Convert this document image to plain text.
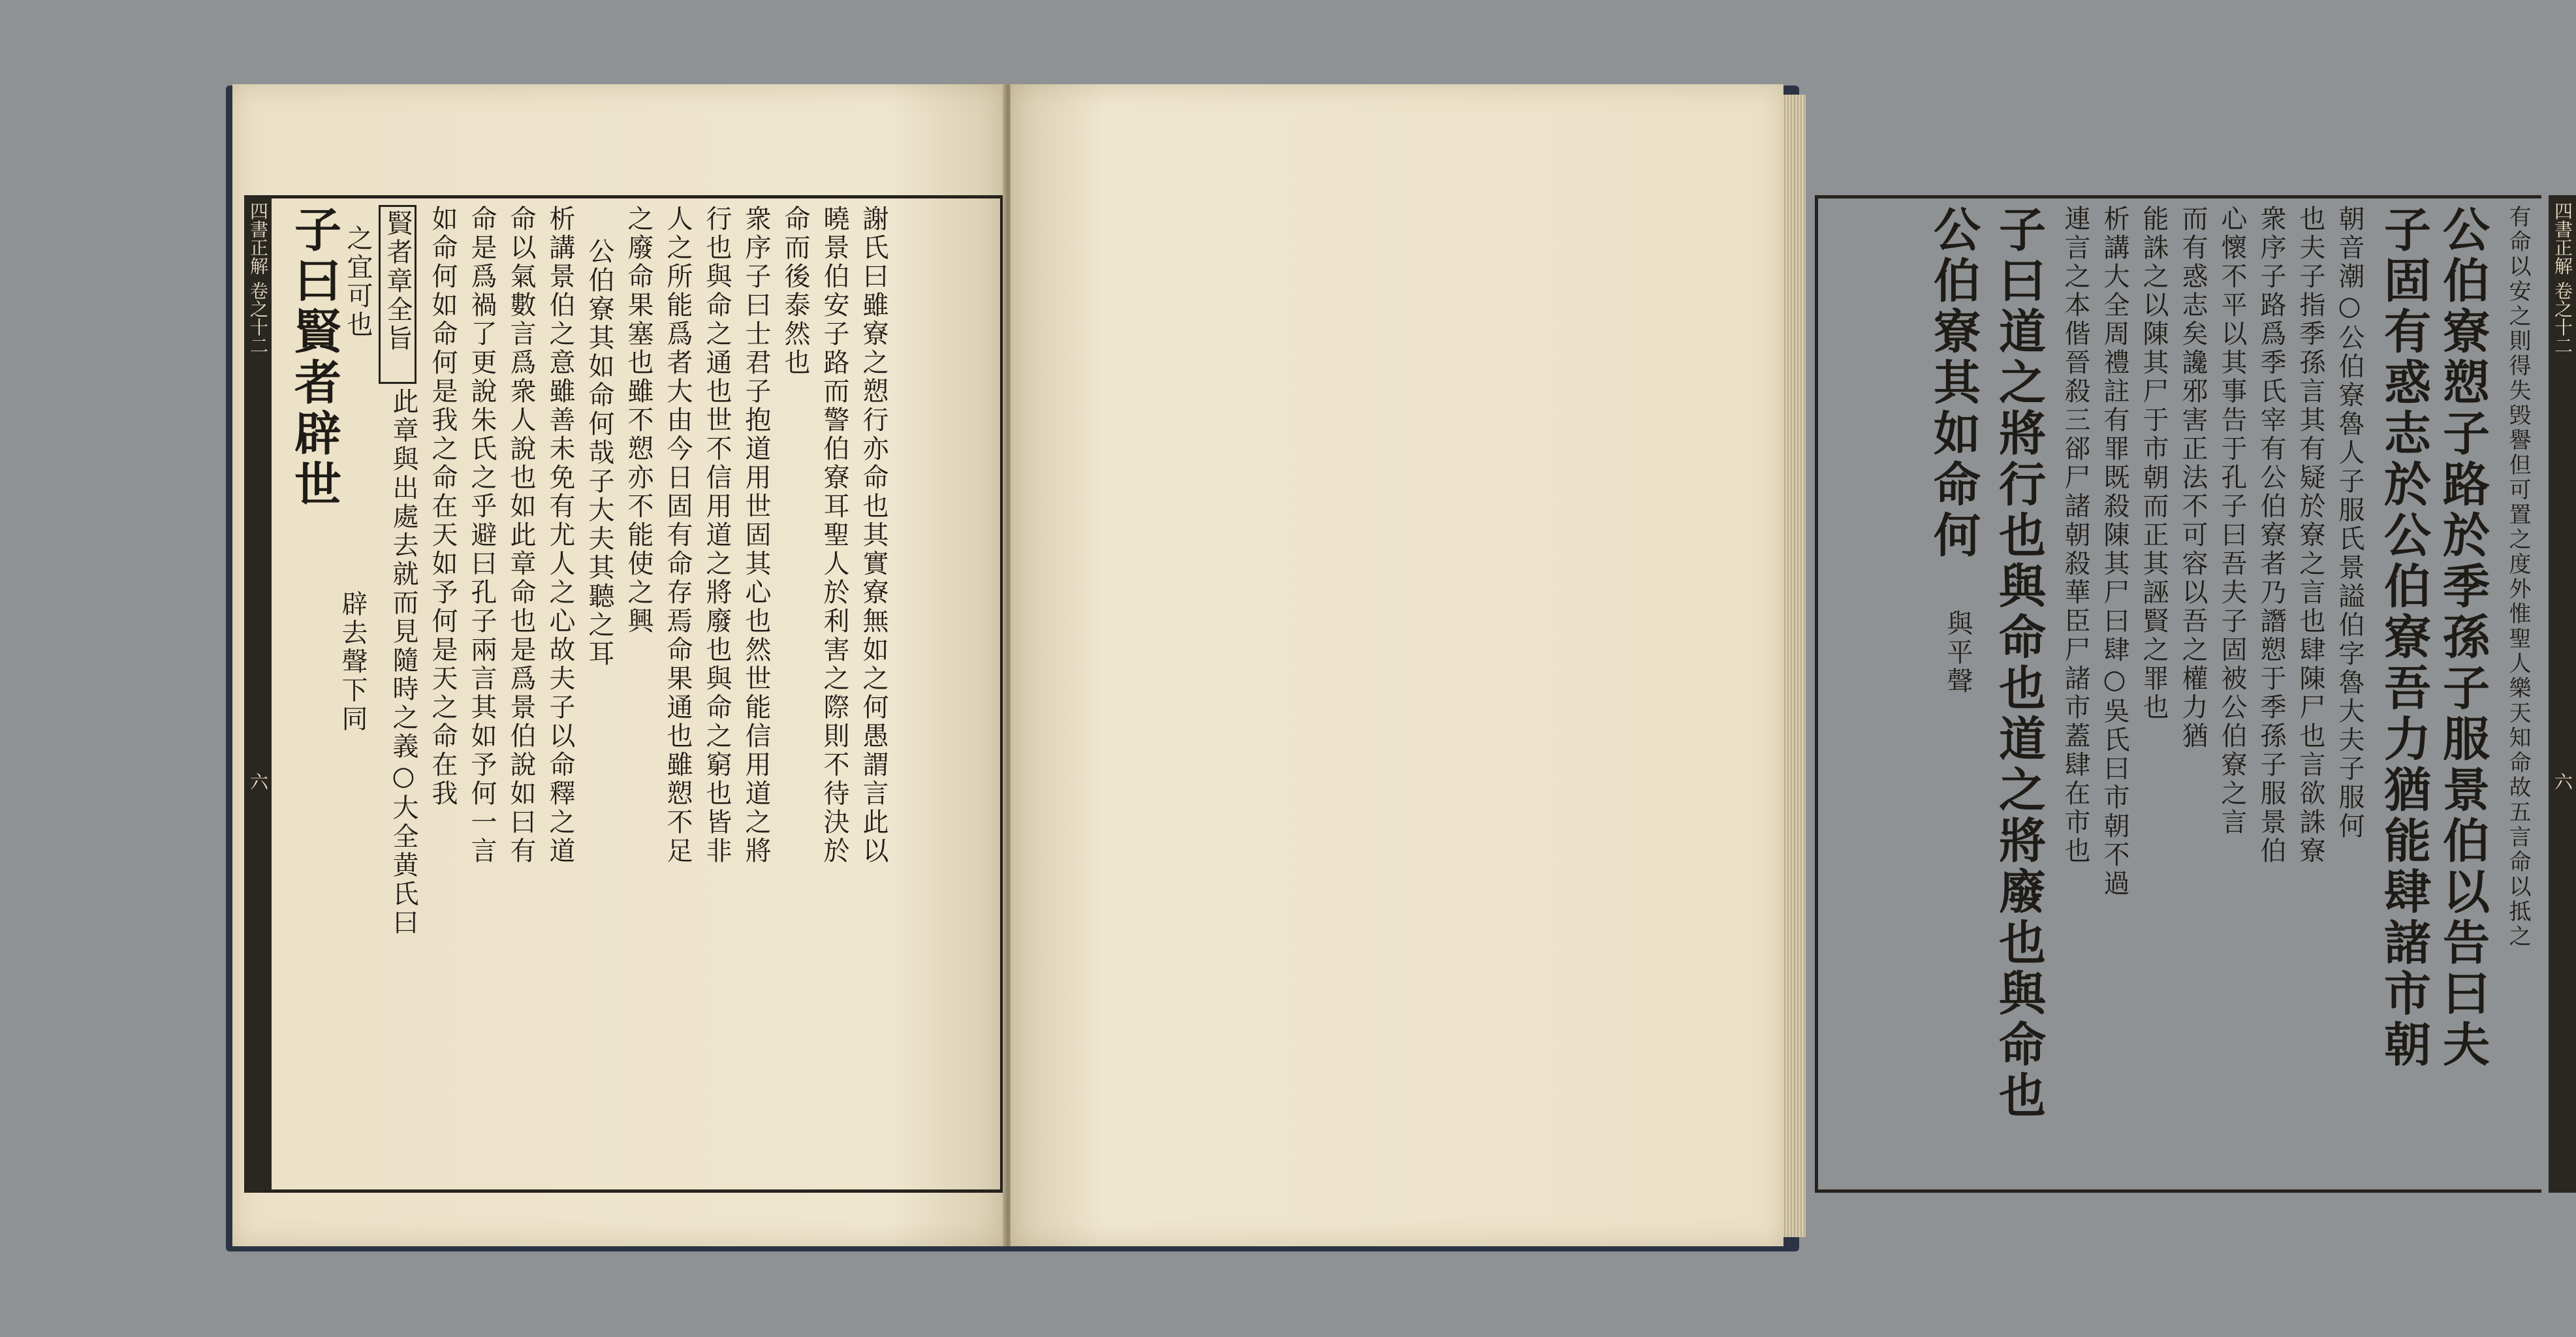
四書正解
卷之十二
六
子曰賢者辟世
辟去聲下同
之宜可也 賢者章全旨
此章與出處去就而見隨時之義○大全黄氏曰 如命何如命何是我之命在天如予何是天之命在我 命是爲禍了更說朱氏之乎避曰孔子兩言其如予何一言 命以氣數言爲衆人說也如此章命也是爲景伯說如曰有 析講景伯之意雖善未免有尤人之心故夫子以命釋之道 公伯寮其如命何哉子大夫其聽之耳 之廢命果塞也雖不愬亦不能使之興 人之所能爲者大由今日固有命存焉命果通也雖愬不足 行也與命之通也世不信用道之將廢也與命之窮也皆非 衆序子曰士君子抱道用世固其心也然世能信用道之將 命而後泰然也 曉景伯安子路而警伯寮耳聖人於利害之際則不待決於 謝氏曰雖寮之愬行亦命也其實寮無如之何愚謂言此以	四書正解
卷之十二
六
有命以安之則得失毁譽但可置之度外惟聖人樂天知命故五言命以抵之
公伯寮愬子路於季孫子服景伯以告曰夫
子固有惑志於公伯寮吾力猶能肆諸市朝
朝音潮○公伯寮魯人子服氏景謚伯字魯大夫子服何
也夫子指季孫言其有疑於寮之言也肆陳尸也言欲誅寮
衆序子路爲季氏宰有公伯寮者乃譖愬于季孫子服景伯
心懷不平以其事告于孔子曰吾夫子固被公伯寮之言
而有惑志矣讒邪害正法不可容以吾之權力猶
能誅之以陳其尸于市朝而正其誣賢之罪也
析講大全周禮註有罪既殺陳其尸曰肆○吳氏曰市朝不過
連言之本偕晉殺三郤尸諸朝殺華臣尸諸市蓋肆在市也
子曰道之將行也與命也道之將廢也與命也
公伯寮其如命何
與平聲
